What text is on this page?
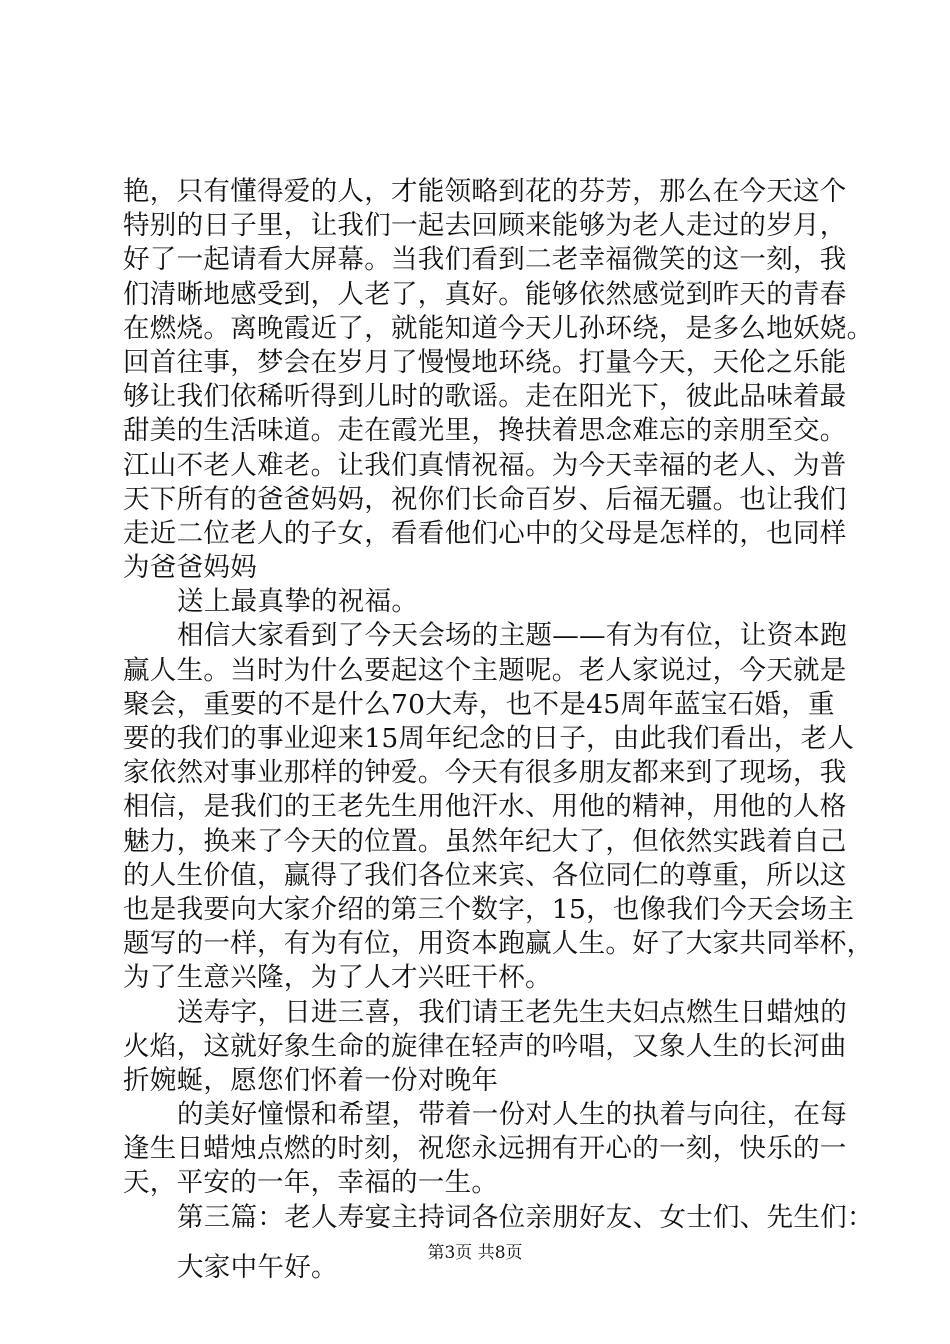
艳，只有懂得爱的人，才能领略到花的芬芳，那么在今天这个
特别的日子里，让我们一起去回顾来能够为老人走过的岁月，
好了一起请看大屏幕。当我们看到二老幸福微笑的这一刻，我
们清晰地感受到，人老了，真好。能够依然感觉到昨天的青春
在燃烧。离晚霞近了，就能知道今天儿孙环绕，是多么地妖娆。
回首往事，梦会在岁月了慢慢地环绕。打量今天，天伦之乐能
够让我们依稀听得到儿时的歌谣。走在阳光下，彼此品味着最
甜美的生活味道。走在霞光里，搀扶着思念难忘的亲朋至交。
江山不老人难老。让我们真情祝福。为今天幸福的老人、为普
天下所有的爸爸妈妈，祝你们长命百岁、后福无疆。也让我们
走近二位老人的子女，看看他们心中的父母是怎样的，也同样
为爸爸妈妈
送上最真挚的祝福。
相信大家看到了今天会场的主题——有为有位，让资本跑
赢人生。当时为什么要起这个主题呢。老人家说过，今天就是
聚会，重要的不是什么70大寿，也不是45周年蓝宝石婚，重
要的我们的事业迎来15周年纪念的日子，由此我们看出，老人
家依然对事业那样的钟爱。今天有很多朋友都来到了现场，我
相信，是我们的王老先生用他汗水、用他的精神，用他的人格
魅力，换来了今天的位置。虽然年纪大了，但依然实践着自己
的人生价值，赢得了我们各位来宾、各位同仁的尊重，所以这
也是我要向大家介绍的第三个数字，15，也像我们今天会场主
题写的一样，有为有位，用资本跑赢人生。好了大家共同举杯，
为了生意兴隆，为了人才兴旺干杯。
送寿字，日进三喜，我们请王老先生夫妇点燃生日蜡烛的
火焰，这就好象生命的旋律在轻声的吟唱，又象人生的长河曲
折婉蜒，愿您们怀着一份对晚年
的美好憧憬和希望，带着一份对人生的执着与向往，在每
逢生日蜡烛点燃的时刻，祝您永远拥有开心的一刻，快乐的一
天，平安的一年，幸福的一生。
第三篇：老人寿宴主持词各位亲朋好友、女士们、先生们：
大家中午好。	第3页 共8页
